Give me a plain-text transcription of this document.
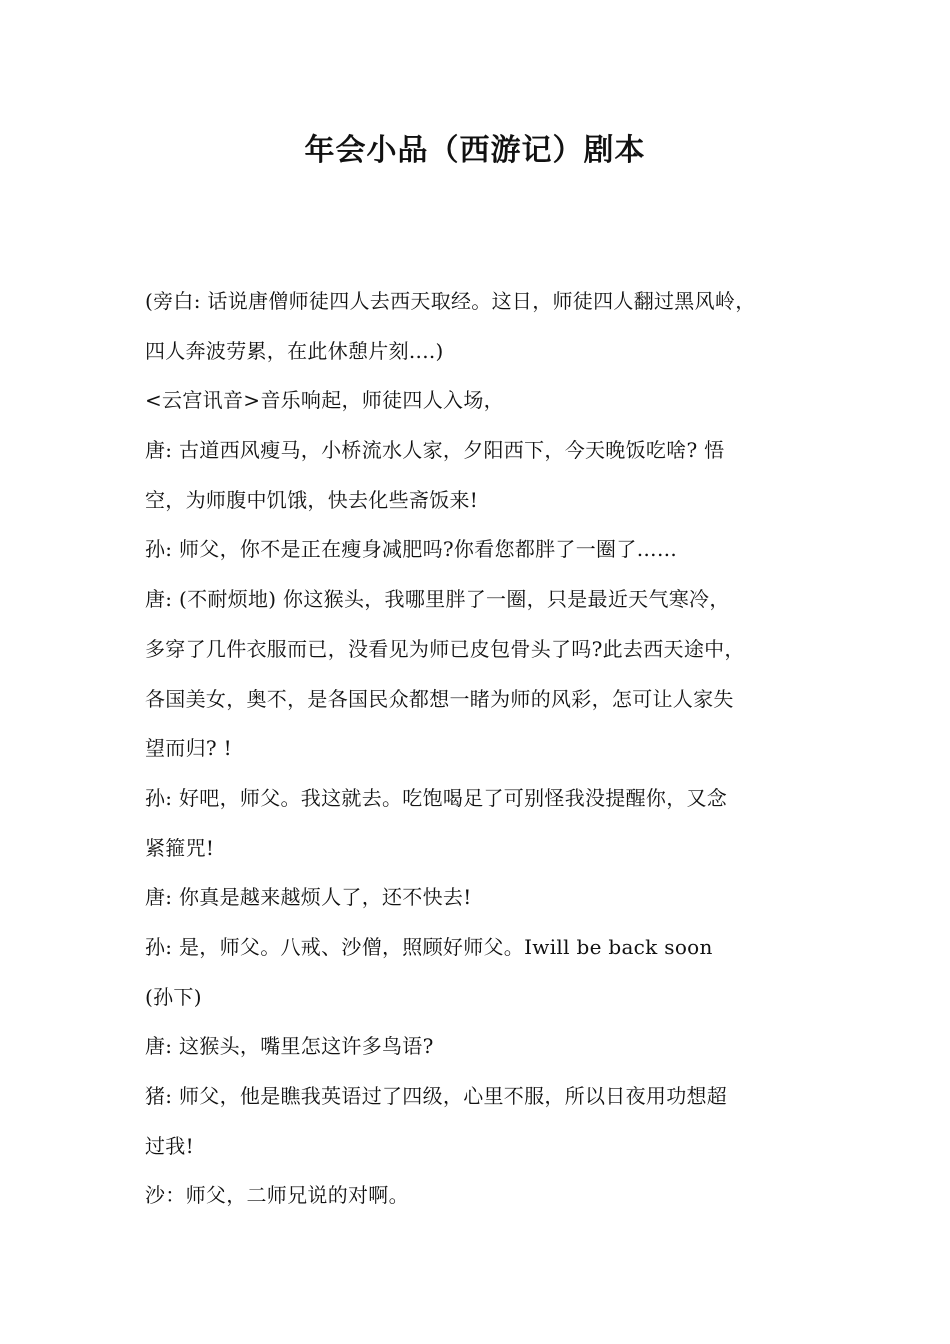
年会小品（西游记）剧本
(旁白: 话说唐僧师徒四人去西天取经。这日，师徒四人翻过黑风岭，
四人奔波劳累，在此休憩片刻....)
<云宫讯音>音乐响起，师徒四人入场，
唐: 古道西风瘦马，小桥流水人家，夕阳西下，今天晚饭吃啥? 悟
空，为师腹中饥饿，快去化些斋饭来!
孙: 师父，你不是正在瘦身减肥吗?你看您都胖了一圈了……
唐: (不耐烦地) 你这猴头，我哪里胖了一圈，只是最近天气寒冷，
多穿了几件衣服而已，没看见为师已皮包骨头了吗?此去西天途中，
各国美女，奥不，是各国民众都想一睹为师的风彩，怎可让人家失
望而归? !
孙: 好吧，师父。我这就去。吃饱喝足了可别怪我没提醒你，又念
紧箍咒!
唐: 你真是越来越烦人了，还不快去!
孙: 是，师父。八戒、沙僧，照顾好师父。Iwill be back soon
(孙下)
唐: 这猴头，嘴里怎这许多鸟语?
猪: 师父，他是瞧我英语过了四级，心里不服，所以日夜用功想超
过我!
沙：师父，二师兄说的对啊。
